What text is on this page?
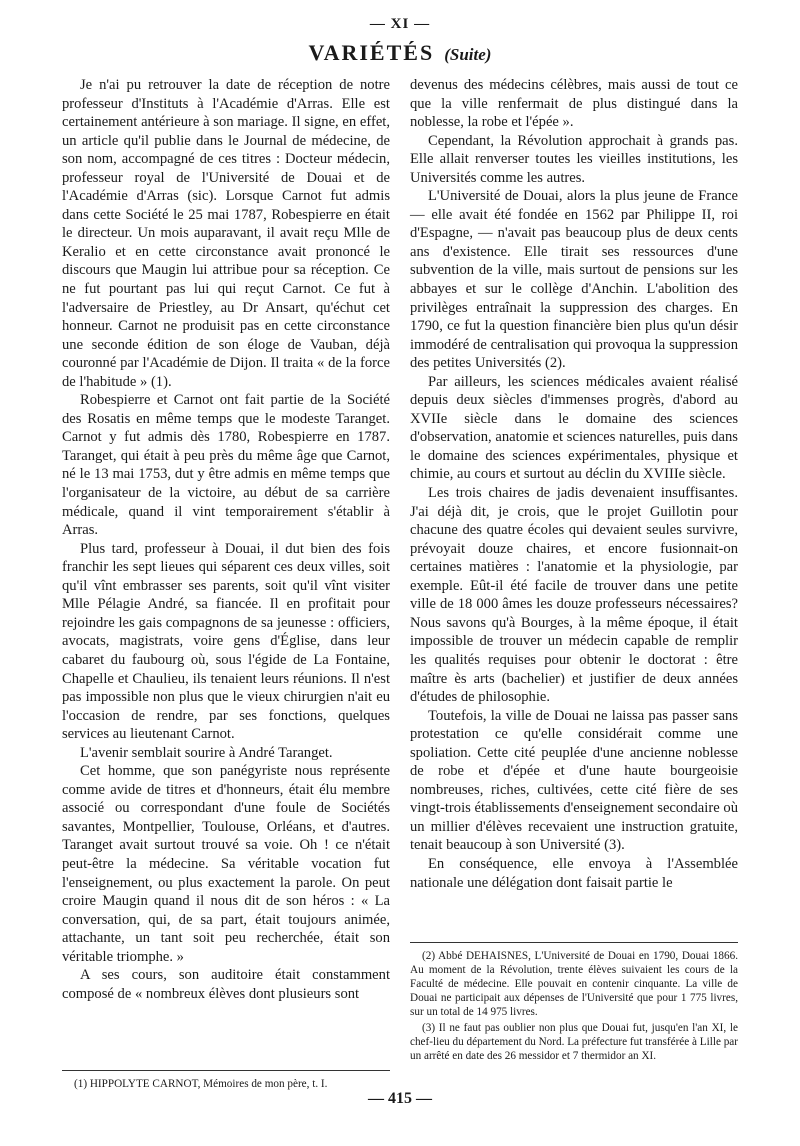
— XI —
VARIÉTÉS (Suite)

Je n'ai pu retrouver la date de réception de notre professeur d'Instituts à l'Académie d'Arras. Elle est certainement antérieure à son mariage. Il signe, en effet, un article qu'il publie dans le Journal de médecine, de son nom, accompagné de ces titres : Docteur médecin, professeur royal de l'Université de Douai et de l'Académie d'Arras (sic). Lorsque Carnot fut admis dans cette Société le 25 mai 1787, Robespierre en était le directeur. Un mois auparavant, il avait reçu Mlle de Keralio et en cette circonstance avait prononcé le discours que Maugin lui attribue pour sa réception. Ce ne fut pourtant pas lui qui reçut Carnot. Ce fut à l'adversaire de Priestley, au Dr Ansart, qu'échut cet honneur. Carnot ne produisit pas en cette circonstance une seconde édition de son éloge de Vauban, déjà couronné par l'Académie de Dijon. Il traita « de la force de l'habitude » (1).

Robespierre et Carnot ont fait partie de la Société des Rosatis en même temps que le modeste Taranget. Carnot y fut admis dès 1780, Robespierre en 1787. Taranget, qui était à peu près du même âge que Carnot, né le 13 mai 1753, dut y être admis en même temps que l'organisateur de la victoire, au début de sa carrière médicale, quand il vint temporairement s'établir à Arras.

Plus tard, professeur à Douai, il dut bien des fois franchir les sept lieues qui séparent ces deux villes, soit qu'il vînt embrasser ses parents, soit qu'il vînt visiter Mlle Pélagie André, sa fiancée. Il en profitait pour rejoindre les gais compagnons de sa jeunesse : officiers, avocats, magistrats, voire gens d'Église, dans leur cabaret du faubourg où, sous l'égide de La Fontaine, Chapelle et Chaulieu, ils tenaient leurs réunions. Il n'est pas impossible non plus que le vieux chirurgien n'ait eu l'occasion de rendre, par ses fonctions, quelques services au lieutenant Carnot.

L'avenir semblait sourire à André Taranget.

Cet homme, que son panégyriste nous représente comme avide de titres et d'honneurs, était élu membre associé ou correspondant d'une foule de Sociétés savantes, Montpellier, Toulouse, Orléans, et d'autres. Taranget avait surtout trouvé sa voie. Oh ! ce n'était peut-être la médecine. Sa véritable vocation fut l'enseignement, ou plus exactement la parole. On peut croire Maugin quand il nous dit de son héros : « La conversation, qui, de sa part, était toujours animée, attachante, un tant soit peu recherchée, était son véritable triomphe. »

A ses cours, son auditoire était constamment composé de « nombreux élèves dont plusieurs sont

devenus des médecins célèbres, mais aussi de tout ce que la ville renfermait de plus distingué dans la noblesse, la robe et l'épée ».

Cependant, la Révolution approchait à grands pas. Elle allait renverser toutes les vieilles institutions, les Universités comme les autres.

L'Université de Douai, alors la plus jeune de France — elle avait été fondée en 1562 par Philippe II, roi d'Espagne, — n'avait pas beaucoup plus de deux cents ans d'existence. Elle tirait ses ressources d'une subvention de la ville, mais surtout de pensions sur les abbayes et sur le collège d'Anchin. L'abolition des privilèges entraînait la suppression des charges. En 1790, ce fut la question financière bien plus qu'un désir immodéré de centralisation qui provoqua la suppression des petites Universités (2).

Par ailleurs, les sciences médicales avaient réalisé depuis deux siècles d'immenses progrès, d'abord au XVIIe siècle dans le domaine des sciences d'observation, anatomie et sciences naturelles, puis dans le domaine des sciences expérimentales, physique et chimie, au cours et surtout au déclin du XVIIIe siècle.

Les trois chaires de jadis devenaient insuffisantes. J'ai déjà dit, je crois, que le projet Guillotin pour chacune des quatre écoles qui devaient seules survivre, prévoyait douze chaires, et encore fusionnait-on certaines matières : l'anatomie et la physiologie, par exemple. Eût-il été facile de trouver dans une petite ville de 18 000 âmes les douze professeurs nécessaires? Nous savons qu'à Bourges, à la même époque, il était impossible de trouver un médecin capable de remplir les qualités requises pour obtenir le doctorat : être maître ès arts (bachelier) et justifier de deux années d'études de philosophie.

Toutefois, la ville de Douai ne laissa pas passer sans protestation ce qu'elle considérait comme une spoliation. Cette cité peuplée d'une ancienne noblesse de robe et d'épée et d'une haute bourgeoisie nombreuses, riches, cultivées, cette cité fière de ses vingt-trois établissements d'enseignement secondaire où un millier d'élèves recevaient une instruction gratuite, tenait beaucoup à son Université (3).

En conséquence, elle envoya à l'Assemblée nationale une délégation dont faisait partie le

(2) Abbé DEHAISNES, L'Université de Douai en 1790, Douai 1866. Au moment de la Révolution, trente élèves suivaient les cours de la Faculté de médecine. Elle pouvait en contenir cinquante. La ville de Douai ne participait aux dépenses de l'Université que pour 1 775 livres, sur un total de 14 975 livres.

(3) Il ne faut pas oublier non plus que Douai fut, jusqu'en l'an XI, le chef-lieu du département du Nord. La préfecture fut transférée à Lille par un arrêté en date des 26 messidor et 7 thermidor an XI.

(1) HIPPOLYTE CARNOT, Mémoires de mon père, t. I.

— 415 —
